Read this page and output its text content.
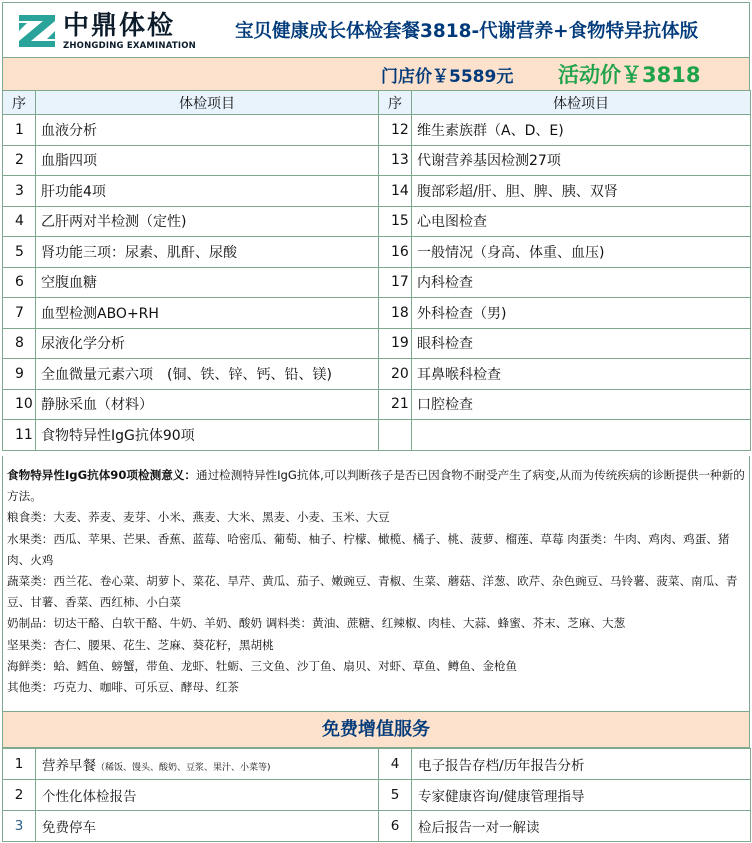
中鼎体检
ZHONGDING EXAMINATION
宝贝健康成长体检套餐3818-代谢营养+食物特异抗体版
门店价￥5589元 活动价￥3818
序	体检项目	序	体检项目
1	血液分析	12	维生素族群（A、D、E)
2	血脂四项	13	代谢营养基因检测27项
3	肝功能4项	14	腹部彩超/肝、胆、脾、胰、双肾
4	乙肝两对半检测（定性)	15	心电图检查
5	肾功能三项：尿素、肌酐、尿酸	16	一般情况（身高、体重、血压)
6	空腹血糖	17	内科检查
7	血型检测ABO+RH	18	外科检查（男)
8	尿液化学分析	19	眼科检查
9	全血微量元素六项　(铜、铁、锌、钙、铅、镁)	20	耳鼻喉科检查
10	静脉采血（材料）	21	口腔检查
11	食物特异性IgG抗体90项		

食物特异性IgG抗体90项检测意义：通过检测特异性IgG抗体,可以判断孩子是否已因食物不耐受产生了病变,从而为传统疾病的诊断提供一种新的方法。

粮食类：大麦、荞麦、麦芽、小米、燕麦、大米、黑麦、小麦、玉米、大豆

水果类：西瓜、苹果、芒果、香蕉、蓝莓、哈密瓜、葡萄、柚子、柠檬、橄榄、橘子、桃、菠萝、榴莲、草莓 肉蛋类：牛肉、鸡肉、鸡蛋、猪肉、火鸡

蔬菜类：西兰花、卷心菜、胡萝卜、菜花、旱芹、黄瓜、茄子、嫩豌豆、青椒、生菜、蘑菇、洋葱、欧芹、杂色豌豆、马铃薯、菠菜、南瓜、青豆、甘薯、香菜、西红柿、小白菜

奶制品：切达干酪、白软干酪、牛奶、羊奶、酸奶 调料类：黄油、蔗糖、红辣椒、肉桂、大蒜、蜂蜜、芥末、芝麻、大葱

坚果类：杏仁、腰果、花生、芝麻、葵花籽，黑胡桃

海鲜类：蛤、鳕鱼、螃蟹，带鱼、龙虾、牡蛎、三文鱼、沙丁鱼、扇贝、对虾、草鱼、鳟鱼、金枪鱼

其他类：巧克力、咖啡、可乐豆、酵母、红茶

免费增值服务
1	营养早餐（稀饭、馒头、酸奶、豆浆、果汁、小菜等)	4	电子报告存档/历年报告分析
2	个性化体检报告	5	专家健康咨询/健康管理指导
3	免费停车	6	检后报告一对一解读
